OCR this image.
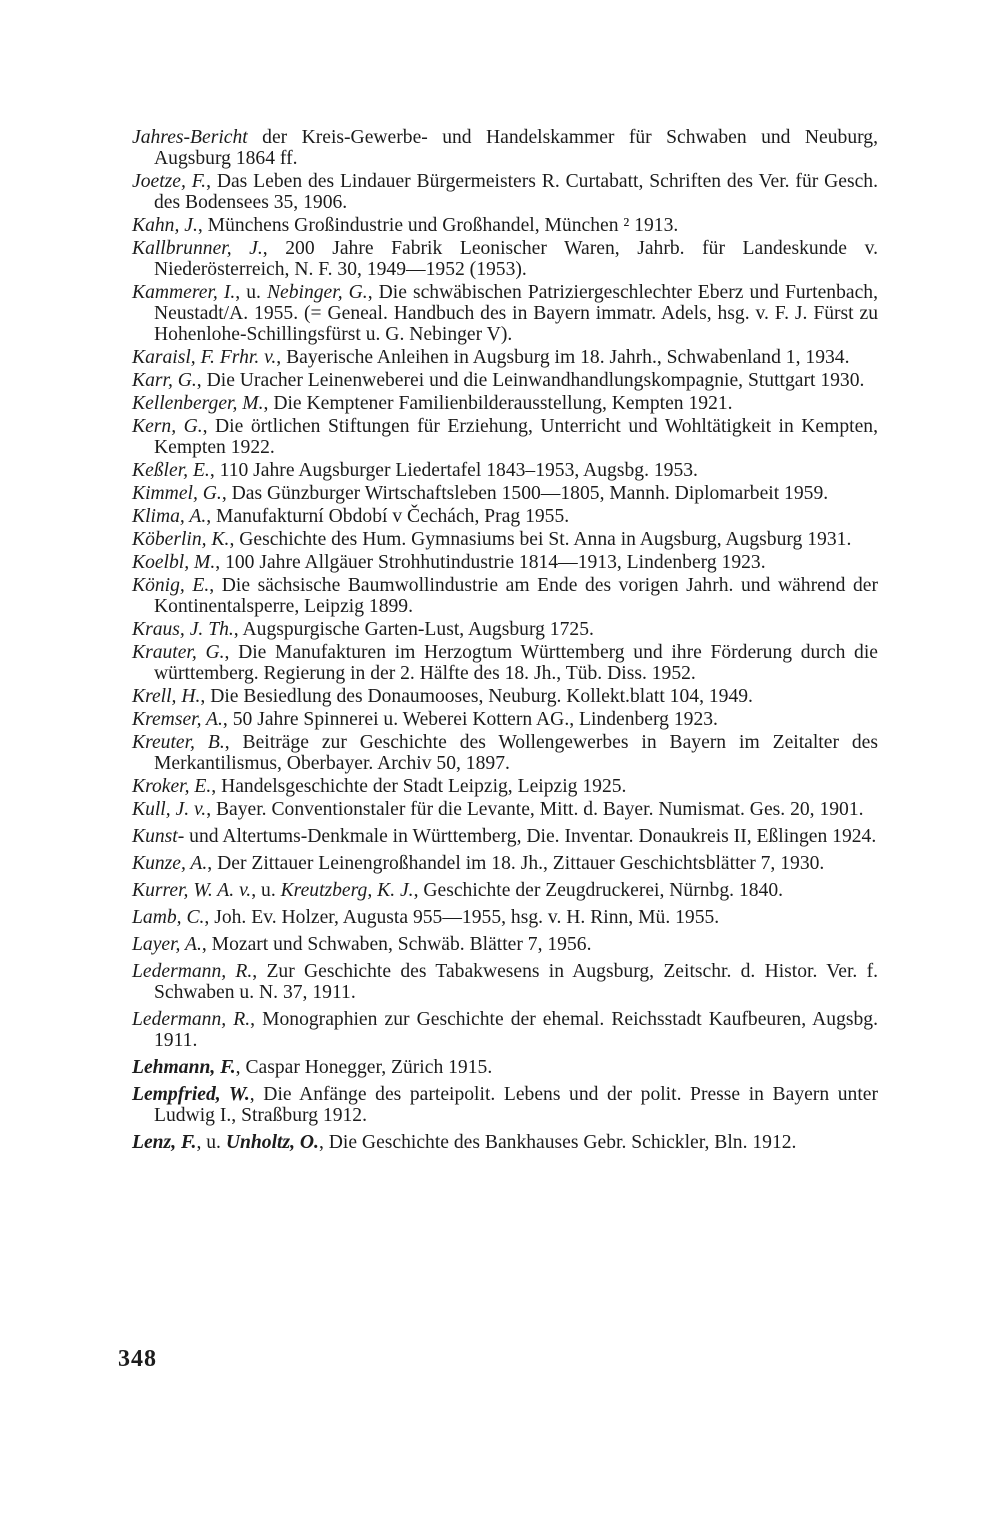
Jahres-Bericht der Kreis-Gewerbe- und Handelskammer für Schwaben und Neuburg, Augsburg 1864 ff.
Joetze, F., Das Leben des Lindauer Bürgermeisters R. Curtabatt, Schriften des Ver. für Gesch. des Bodensees 35, 1906.
Kahn, J., Münchens Großindustrie und Großhandel, München ² 1913.
Kallbrunner, J., 200 Jahre Fabrik Leonischer Waren, Jahrb. für Landeskunde v. Niederösterreich, N. F. 30, 1949—1952 (1953).
Kammerer, I., u. Nebinger, G., Die schwäbischen Patriziergeschlechter Eberz und Furtenbach, Neustadt/A. 1955. (= Geneal. Handbuch des in Bayern immatr. Adels, hsg. v. F. J. Fürst zu Hohenlohe-Schillingsfürst u. G. Nebinger V).
Karaisl, F. Frhr. v., Bayerische Anleihen in Augsburg im 18. Jahrh., Schwabenland 1, 1934.
Karr, G., Die Uracher Leinenweberei und die Leinwandhandlungskompagnie, Stuttgart 1930.
Kellenberger, M., Die Kemptener Familienbilderausstellung, Kempten 1921.
Kern, G., Die örtlichen Stiftungen für Erziehung, Unterricht und Wohltätigkeit in Kempten, Kempten 1922.
Keßler, E., 110 Jahre Augsburger Liedertafel 1843–1953, Augsbg. 1953.
Kimmel, G., Das Günzburger Wirtschaftsleben 1500—1805, Mannh. Diplomarbeit 1959.
Klima, A., Manufakturní Období v Čechách, Prag 1955.
Köberlin, K., Geschichte des Hum. Gymnasiums bei St. Anna in Augsburg, Augsburg 1931.
Koelbl, M., 100 Jahre Allgäuer Strohhutindustrie 1814—1913, Lindenberg 1923.
König, E., Die sächsische Baumwollindustrie am Ende des vorigen Jahrh. und während der Kontinentalsperre, Leipzig 1899.
Kraus, J. Th., Augspurgische Garten-Lust, Augsburg 1725.
Krauter, G., Die Manufakturen im Herzogtum Württemberg und ihre Förderung durch die württemberg. Regierung in der 2. Hälfte des 18. Jh., Tüb. Diss. 1952.
Krell, H., Die Besiedlung des Donaumooses, Neuburg. Kollekt.blatt 104, 1949.
Kremser, A., 50 Jahre Spinnerei u. Weberei Kottern AG., Lindenberg 1923.
Kreuter, B., Beiträge zur Geschichte des Wollengewerbes in Bayern im Zeitalter des Merkantilismus, Oberbayer. Archiv 50, 1897.
Kroker, E., Handelsgeschichte der Stadt Leipzig, Leipzig 1925.
Kull, J. v., Bayer. Conventionstaler für die Levante, Mitt. d. Bayer. Numismat. Ges. 20, 1901.
Kunst- und Altertums-Denkmale in Württemberg, Die. Inventar. Donaukreis II, Eßlingen 1924.
Kunze, A., Der Zittauer Leinengroßhandel im 18. Jh., Zittauer Geschichtsblätter 7, 1930.
Kurrer, W. A. v., u. Kreutzberg, K. J., Geschichte der Zeugdruckerei, Nürnbg. 1840.
Lamb, C., Joh. Ev. Holzer, Augusta 955—1955, hsg. v. H. Rinn, Mü. 1955.
Layer, A., Mozart und Schwaben, Schwäb. Blätter 7, 1956.
Ledermann, R., Zur Geschichte des Tabakwesens in Augsburg, Zeitschr. d. Histor. Ver. f. Schwaben u. N. 37, 1911.
Ledermann, R., Monographien zur Geschichte der ehemal. Reichsstadt Kaufbeuren, Augsbg. 1911.
Lehmann, F., Caspar Honegger, Zürich 1915.
Lempfried, W., Die Anfänge des parteipolit. Lebens und der polit. Presse in Bayern unter Ludwig I., Straßburg 1912.
Lenz, F., u. Unholtz, O., Die Geschichte des Bankhauses Gebr. Schickler, Bln. 1912.
348
